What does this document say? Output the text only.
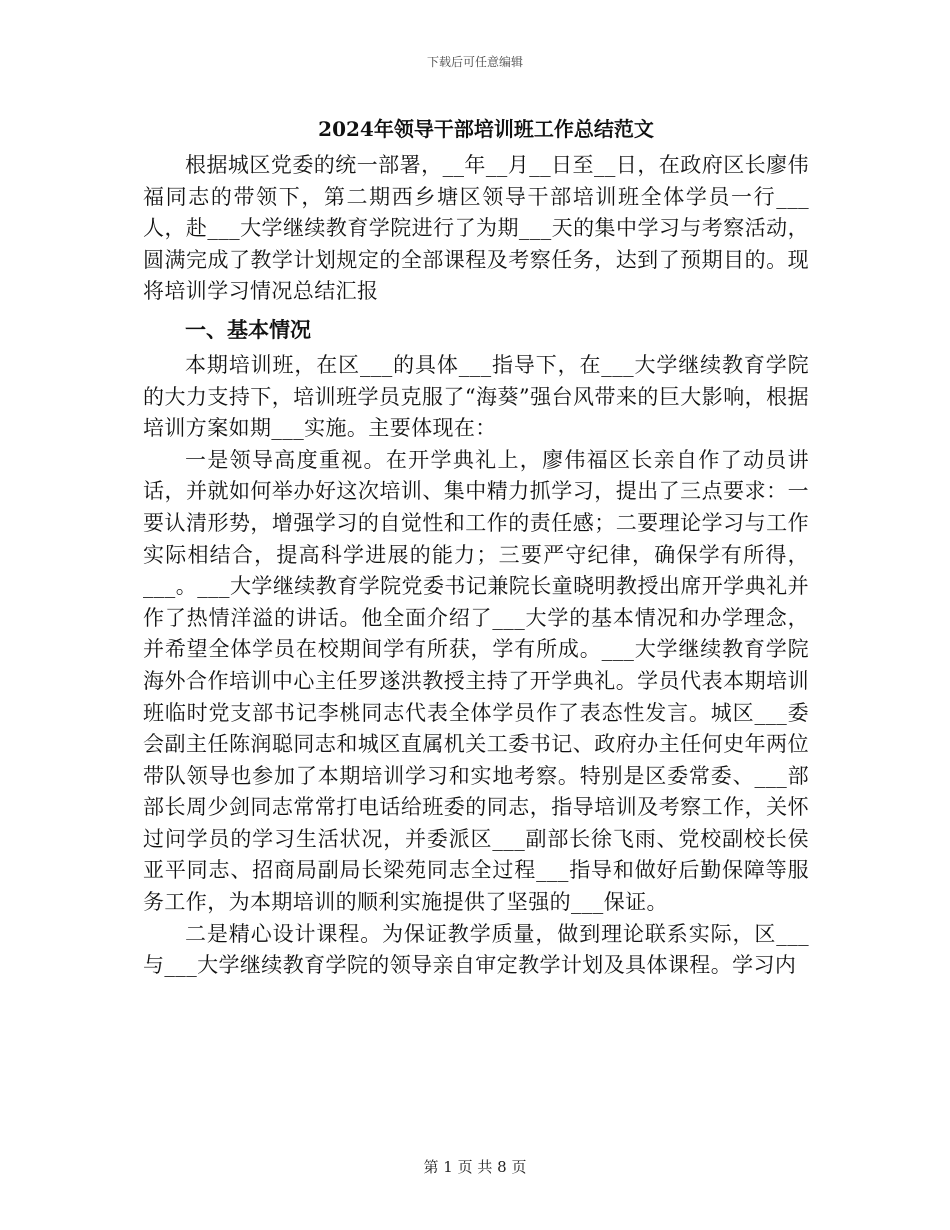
下载后可任意编辑
2024年领导干部培训班工作总结范文

根据城区党委的统一部署，__年__月__日至__日，在政府区长廖伟福同志的带领下，第二期西乡塘区领导干部培训班全体学员一行___人，赴___大学继续教育学院进行了为期___天的集中学习与考察活动，圆满完成了教学计划规定的全部课程及考察任务，达到了预期目的。现将培训学习情况总结汇报

一、基本情况

本期培训班，在区___的具体___指导下，在___大学继续教育学院的大力支持下，培训班学员克服了“海葵”强台风带来的巨大影响，根据培训方案如期___实施。主要体现在：

一是领导高度重视。在开学典礼上，廖伟福区长亲自作了动员讲话，并就如何举办好这次培训、集中精力抓学习，提出了三点要求：一要认清形势，增强学习的自觉性和工作的责任感；二要理论学习与工作实际相结合，提高科学进展的能力；三要严守纪律，确保学有所得，___。___大学继续教育学院党委书记兼院长童晓明教授出席开学典礼并作了热情洋溢的讲话。他全面介绍了___大学的基本情况和办学理念，并希望全体学员在校期间学有所获，学有所成。___大学继续教育学院海外合作培训中心主任罗遂洪教授主持了开学典礼。学员代表本期培训班临时党支部书记李桃同志代表全体学员作了表态性发言。城区___委会副主任陈润聪同志和城区直属机关工委书记、政府办主任何史年两位带队领导也参加了本期培训学习和实地考察。特别是区委常委、___部部长周少剑同志常常打电话给班委的同志，指导培训及考察工作，关怀过问学员的学习生活状况，并委派区___副部长徐飞雨、党校副校长侯亚平同志、招商局副局长梁苑同志全过程___指导和做好后勤保障等服务工作，为本期培训的顺利实施提供了坚强的___保证。

二是精心设计课程。为保证教学质量，做到理论联系实际，区___与___大学继续教育学院的领导亲自审定教学计划及具体课程。学习内

第 1 页 共 8 页
